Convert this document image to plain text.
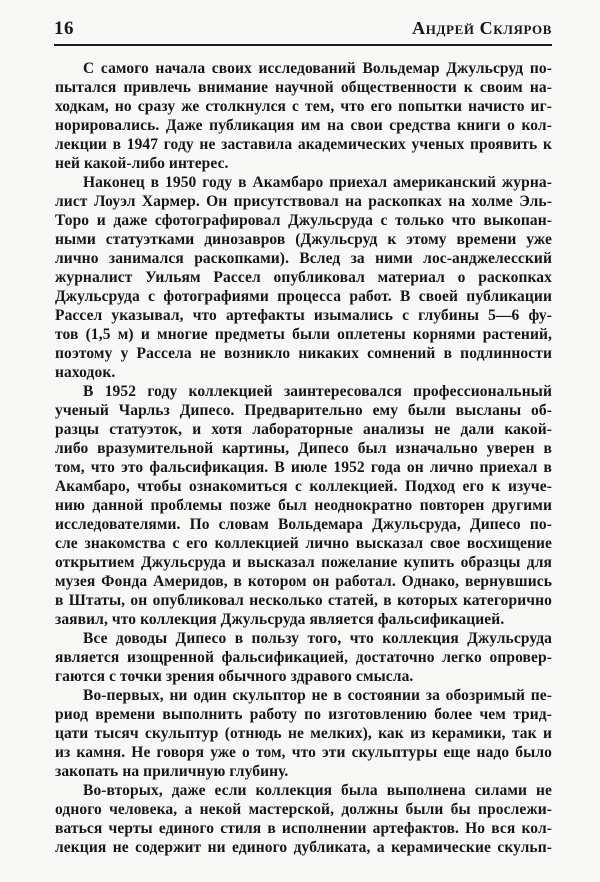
16	Андрей Скляров
С самого начала своих исследований Вольдемар Джульсруд по-
пытался привлечь внимание научной общественности к своим на-
ходкам, но сразу же столкнулся с тем, что его попытки начисто иг-
норировались. Даже публикация им на свои средства книги о кол-
лекции в 1947 году не заставила академических ученых проявить к
ней какой-либо интерес.
Наконец в 1950 году в Акамбаро приехал американский журна-
лист Лоуэл Хармер. Он присутствовал на раскопках на холме Эль-
Торо и даже сфотографировал Джульсруда с только что выкопан-
ными статуэтками динозавров (Джульсруд к этому времени уже
лично занимался раскопками). Вслед за ними лос-анджелесский
журналист Уильям Рассел опубликовал материал о раскопках
Джульсруда с фотографиями процесса работ. В своей публикации
Рассел указывал, что артефакты изымались с глубины 5—6 фу-
тов (1,5 м) и многие предметы были оплетены корнями растений,
поэтому у Рассела не возникло никаких сомнений в подлинности
находок.
В 1952 году коллекцией заинтересовался профессиональный
ученый Чарльз Дипесо. Предварительно ему были высланы об-
разцы статуэток, и хотя лабораторные анализы не дали какой-
либо вразумительной картины, Дипесо был изначально уверен в
том, что это фальсификация. В июле 1952 года он лично приехал в
Акамбаро, чтобы ознакомиться с коллекцией. Подход его к изуче-
нию данной проблемы позже был неоднократно повторен другими
исследователями. По словам Вольдемара Джульсруда, Дипесо по-
сле знакомства с его коллекцией лично высказал свое восхищение
открытием Джульсруда и высказал пожелание купить образцы для
музея Фонда Америдов, в котором он работал. Однако, вернувшись
в Штаты, он опубликовал несколько статей, в которых категорично
заявил, что коллекция Джульсруда является фальсификацией.
Все доводы Дипесо в пользу того, что коллекция Джульсруда
является изощренной фальсификацией, достаточно легко опровер-
гаются с точки зрения обычного здравого смысла.
Во-первых, ни один скульптор не в состоянии за обозримый пе-
риод времени выполнить работу по изготовлению более чем трид-
цати тысяч скульптур (отнюдь не мелких), как из керамики, так и
из камня. Не говоря уже о том, что эти скульптуры еще надо было
закопать на приличную глубину.
Во-вторых, даже если коллекция была выполнена силами не
одного человека, а некой мастерской, должны были бы прослежи-
ваться черты единого стиля в исполнении артефактов. Но вся кол-
лекция не содержит ни единого дубликата, а керамические скульп-
